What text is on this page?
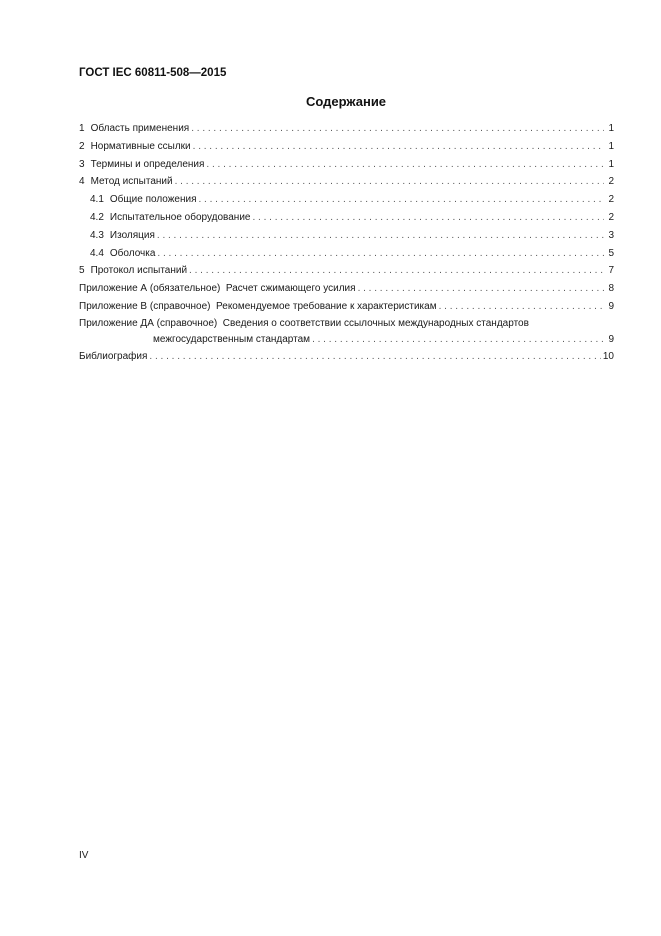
ГОСТ IEC 60811-508—2015
Содержание
1 Область применения . . .	1
2 Нормативные ссылки . . .	1
3 Термины и определения . . .	1
4 Метод испытаний . . .	2
4.1 Общие положения . . .	2
4.2 Испытательное оборудование . . .	2
4.3 Изоляция . . .	3
4.4 Оболочка . . .	5
5 Протокол испытаний . . .	7
Приложение А (обязательное)  Расчет сжимающего усилия . . .	8
Приложение В (справочное)  Рекомендуемое требование к характеристикам . . .	9
Приложение ДА (справочное)  Сведения о соответствии ссылочных международных стандартов
межгосударственным стандартам . . .	9
Библиография . . .	10
IV
